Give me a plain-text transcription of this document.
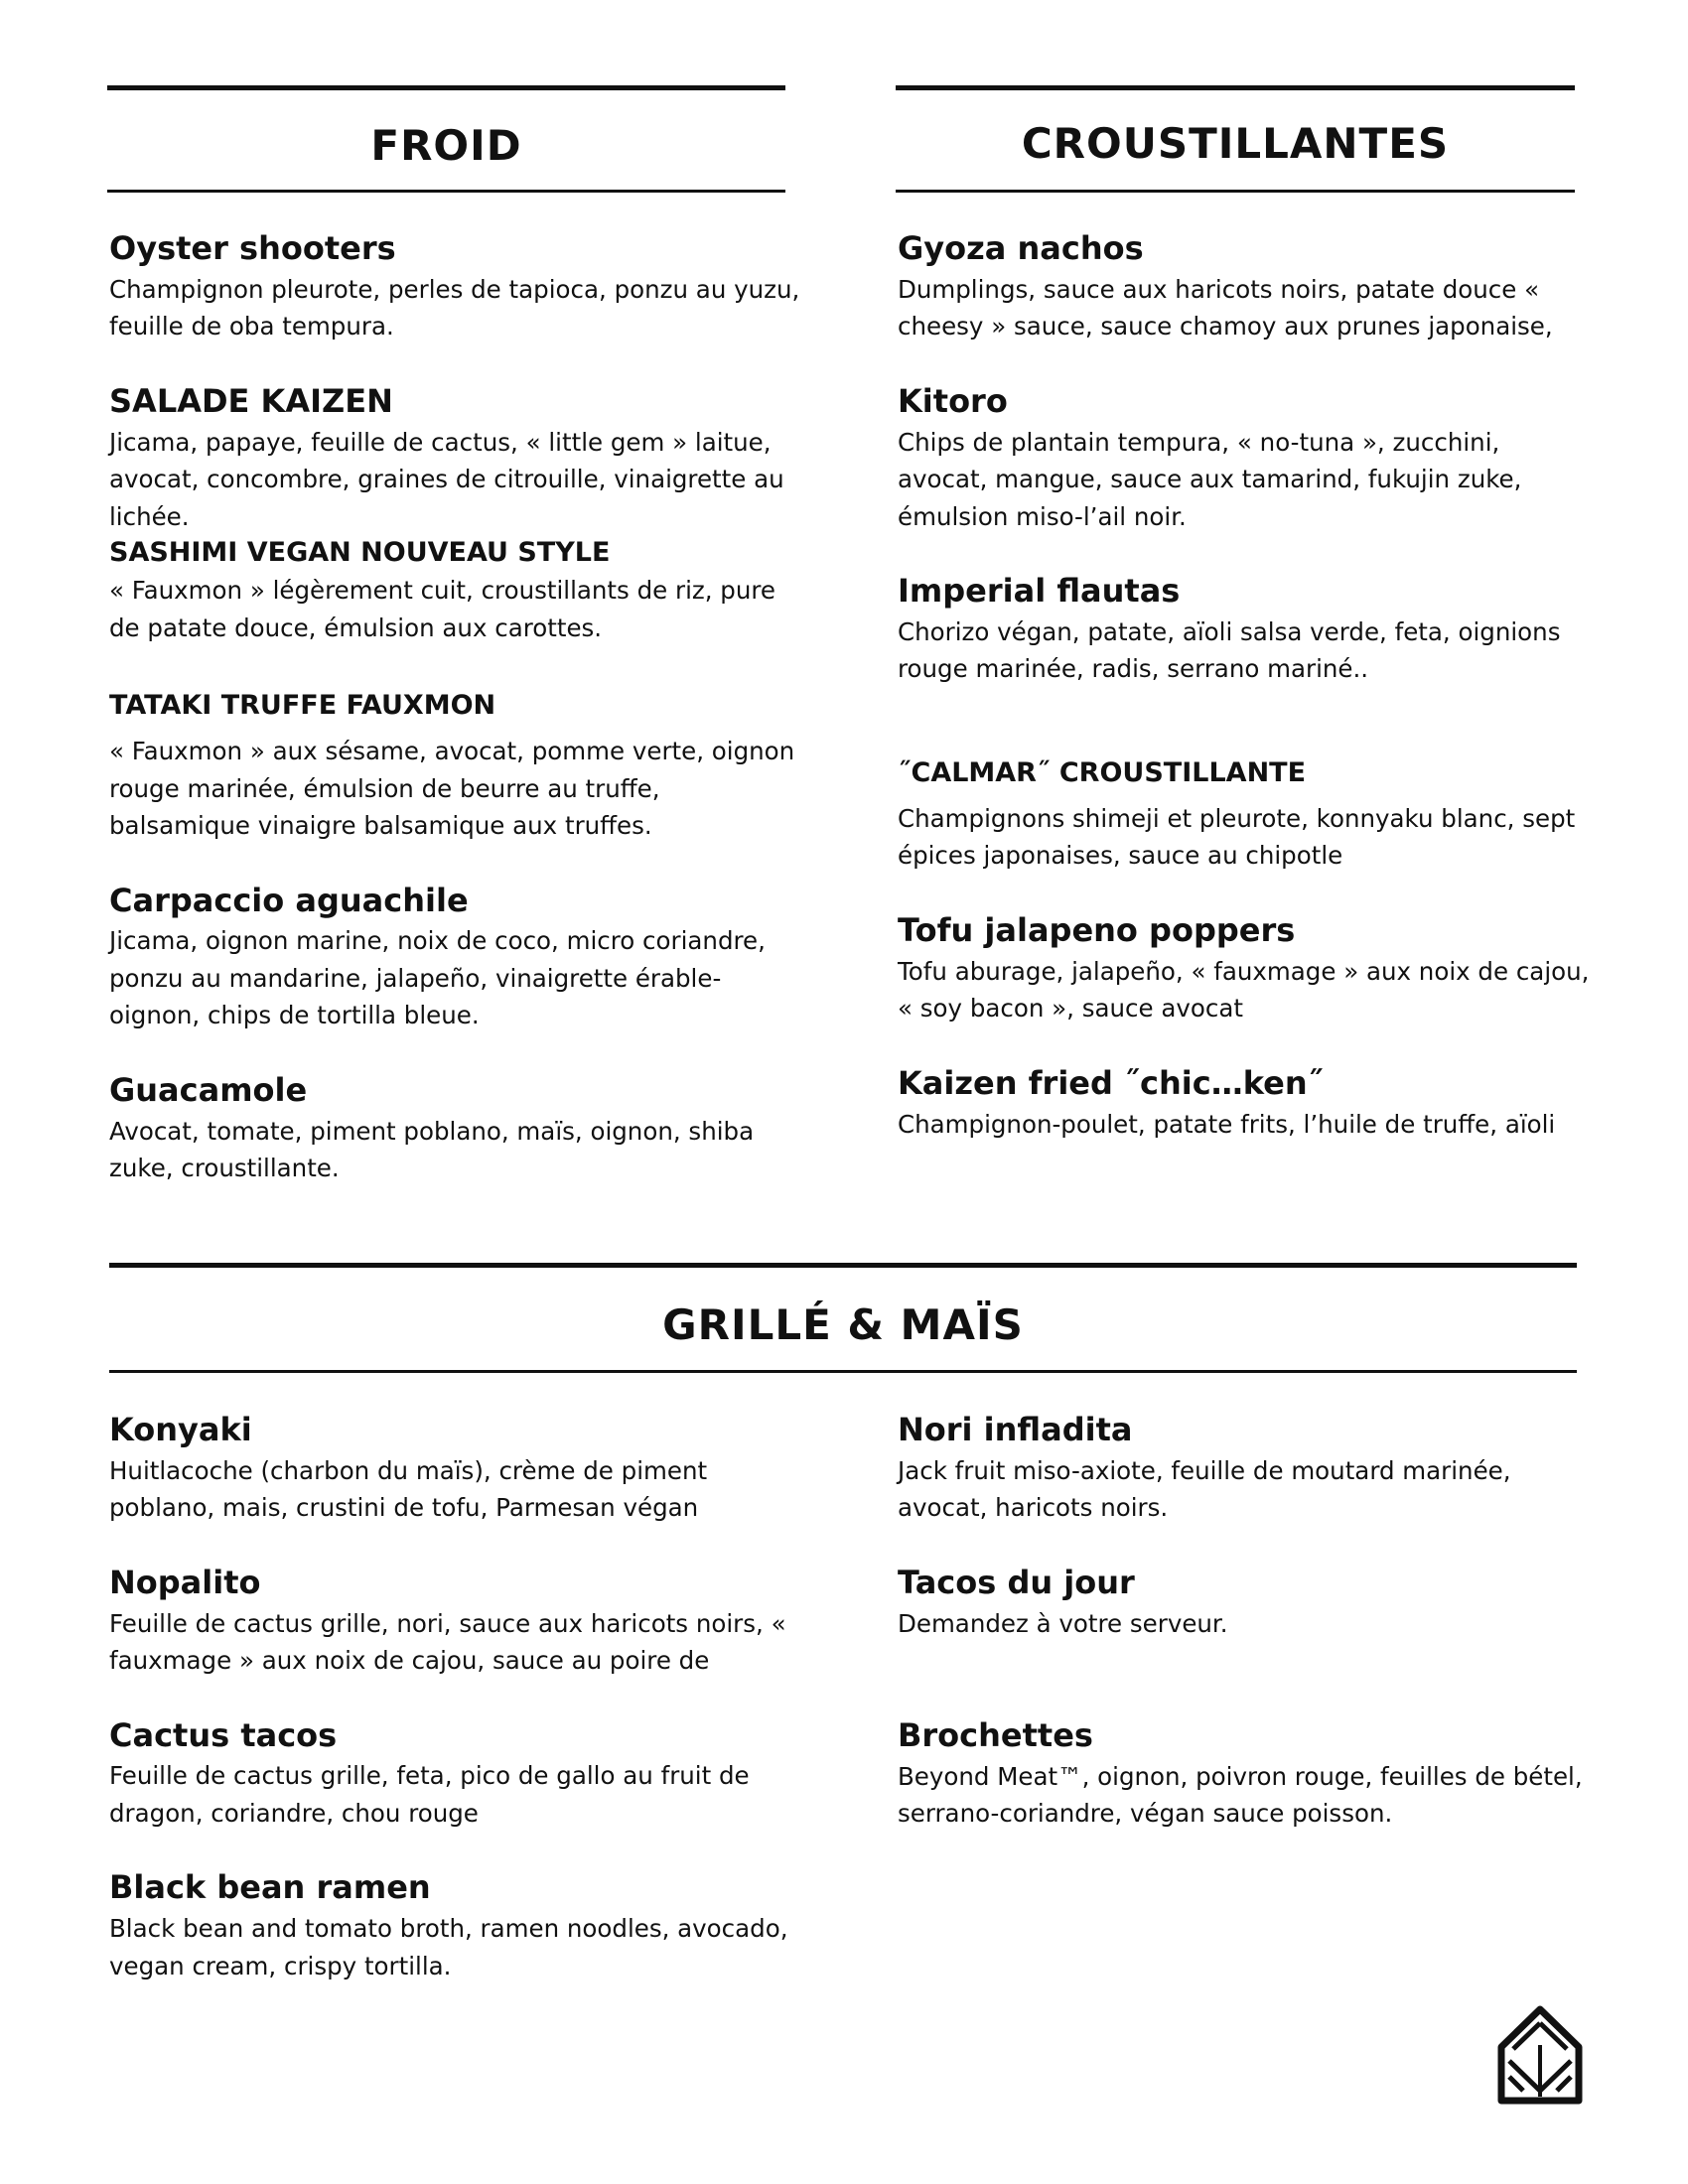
FROID	CROUSTILLANTES
Oyster shooters

Champignon pleurote, perles de tapioca, ponzu au yuzu, feuille de oba tempura.

SALADE KAIZEN

Jicama, papaye, feuille de cactus, « little gem » laitue, avocat, concombre, graines de citrouille, vinaigrette au lichée.

SASHIMI VEGAN NOUVEAU STYLE

« Fauxmon » légèrement cuit, croustillants de riz, pure de patate douce, émulsion aux carottes.

TATAKI TRUFFE FAUXMON

« Fauxmon » aux sésame, avocat, pomme verte, oignon rouge marinée, émulsion de beurre au truffe, balsamique vinaigre balsamique aux truffes.

Carpaccio aguachile

Jicama, oignon marine, noix de coco, micro coriandre, ponzu au mandarine, jalapeño, vinaigrette érable-oignon, chips de tortilla bleue.

Guacamole

Avocat, tomate, piment poblano, maïs, oignon, shiba zuke, croustillante.

Gyoza nachos

Dumplings, sauce aux haricots noirs, patate douce « cheesy » sauce, sauce chamoy aux prunes japonaise,

Kitoro

Chips de plantain tempura, « no-tuna », zucchini, avocat, mangue, sauce aux tamarind, fukujin zuke, émulsion miso-l’ail noir.

Imperial flautas

Chorizo végan, patate, aïoli salsa verde, feta, oignions rouge marinée, radis, serrano mariné..

˝CALMAR˝ CROUSTILLANTE

Champignons shimeji et pleurote, konnyaku blanc, sept épices japonaises, sauce au chipotle

Tofu jalapeno poppers

Tofu aburage, jalapeño, « fauxmage » aux noix de cajou, « soy bacon », sauce avocat

Kaizen fried ˝chic…ken˝

Champignon-poulet, patate frits, l’huile de truffe, aïoli

GRILLÉ & MAÏS
Konyaki

Huitlacoche (charbon du maïs), crème de piment poblano, mais, crustini de tofu, Parmesan végan

Nopalito

Feuille de cactus grille, nori, sauce aux haricots noirs, « fauxmage » aux noix de cajou, sauce au poire de

Cactus tacos

Feuille de cactus grille, feta, pico de gallo au fruit de dragon, coriandre, chou rouge

Black bean ramen

Black bean and tomato broth, ramen noodles, avocado, vegan cream, crispy tortilla.

Nori infladita

Jack fruit miso-axiote, feuille de moutard marinée, avocat, haricots noirs.

Tacos du jour

Demandez à votre serveur.

Brochettes

Beyond Meat™, oignon, poivron rouge, feuilles de bétel, serrano-coriandre, végan sauce poisson.
